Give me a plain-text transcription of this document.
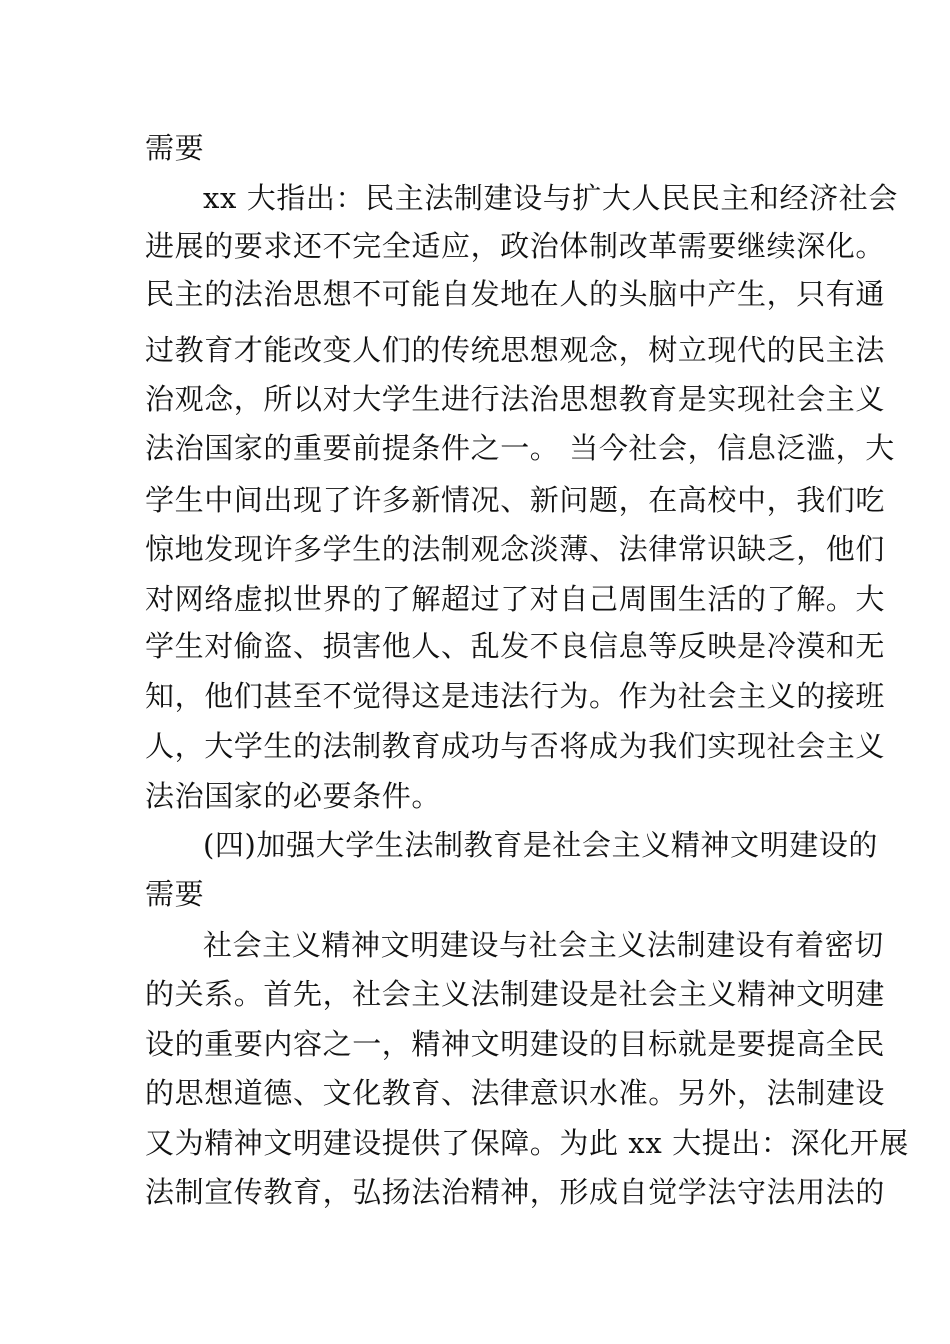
需要
xx 大指出：民主法制建设与扩大人民民主和经济社会
进展的要求还不完全适应，政治体制改革需要继续深化。
民主的法治思想不可能自发地在人的头脑中产生，只有通
过教育才能改变人们的传统思想观念，树立现代的民主法
治观念，所以对大学生进行法治思想教育是实现社会主义
法治国家的重要前提条件之一。 当今社会，信息泛滥，大
学生中间出现了许多新情况、新问题，在高校中，我们吃
惊地发现许多学生的法制观念淡薄、法律常识缺乏，他们
对网络虚拟世界的了解超过了对自己周围生活的了解。大
学生对偷盗、损害他人、乱发不良信息等反映是冷漠和无
知，他们甚至不觉得这是违法行为。作为社会主义的接班
人，大学生的法制教育成功与否将成为我们实现社会主义
法治国家的必要条件。
(四)加强大学生法制教育是社会主义精神文明建设的
需要
社会主义精神文明建设与社会主义法制建设有着密切
的关系。首先，社会主义法制建设是社会主义精神文明建
设的重要内容之一，精神文明建设的目标就是要提高全民
的思想道德、文化教育、法律意识水准。另外，法制建设
又为精神文明建设提供了保障。为此 xx 大提出：深化开展
法制宣传教育，弘扬法治精神，形成自觉学法守法用法的
